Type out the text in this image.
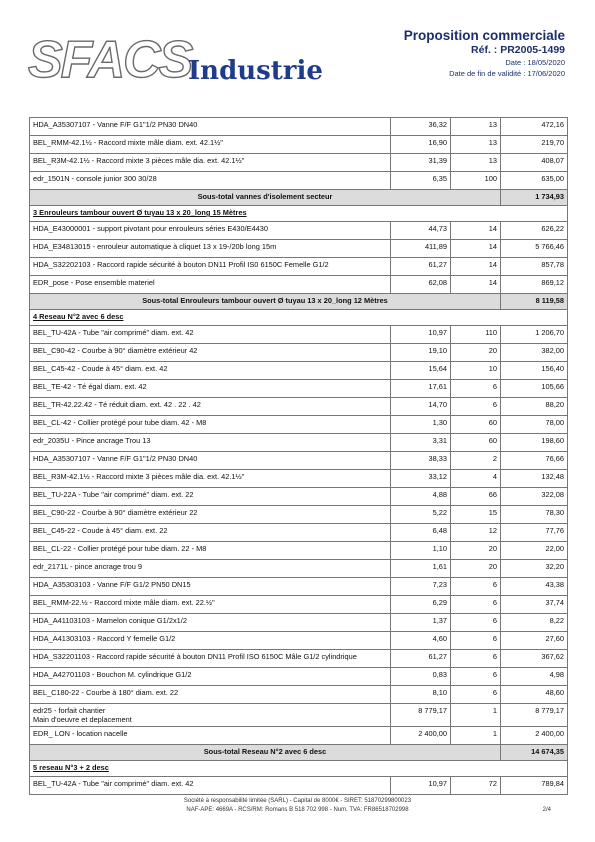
SFACS
Industrie
Proposition commerciale
Réf. : PR2005-1499
Date : 18/05/2020
Date de fin de validité : 17/06/2020
HDA_A35307107 - Vanne F/F G1"1/2 PN30 DN40	36,32	13	472,16
BEL_RMM-42.1½ - Raccord mixte mâle diam. ext. 42.1½"	16,90	13	219,70
BEL_R3M-42.1½ - Raccord mixte 3 pièces mâle dia. ext. 42.1½"	31,39	13	408,07
edr_1501N - console junior 300 30/28	6,35	100	635,00
Sous-total vannes d'isolement secteur			1 734,93
3 Enrouleurs tambour ouvert Ø tuyau 13 x 20_long 15 Mètres			
HDA_E43000001 - support pivotant pour enrouleurs séries E430/E4430	44,73	14	626,22
HDA_E34813015 - enrouleur automatique à cliquet 13 x 19-/20b long 15m	411,89	14	5 766,46
HDA_S32202103 - Raccord rapide sécurité à bouton DN11 Profil IS0 6150C Femelle G1/2	61,27	14	857,78
EDR_pose - Pose ensemble materiel	62,08	14	869,12
Sous-total Enrouleurs tambour ouvert Ø tuyau 13 x 20_long 12 Mètres			8 119,58
4 Reseau N°2 avec 6 desc			
BEL_TU-42A - Tube "air comprimé" diam. ext. 42	10,97	110	1 206,70
BEL_C90-42 - Courbe à 90° diamètre extérieur 42	19,10	20	382,00
BEL_C45-42 - Coude à 45° diam. ext. 42	15,64	10	156,40
BEL_TE-42 - Té égal diam. ext. 42	17,61	6	105,66
BEL_TR-42.22.42 - Té réduit diam. ext. 42 . 22 . 42	14,70	6	88,20
BEL_CL-42 - Collier protégé pour tube diam. 42 - M8	1,30	60	78,00
edr_2035U - Pince ancrage Trou 13	3,31	60	198,60
HDA_A35307107 - Vanne F/F G1"1/2 PN30 DN40	38,33	2	76,66
BEL_R3M-42.1½ - Raccord mixte 3 pièces mâle dia. ext. 42.1½"	33,12	4	132,48
BEL_TU-22A - Tube "air comprimé" diam. ext. 22	4,88	66	322,08
BEL_C90-22 - Courbe à 90° diamètre extérieur 22	5,22	15	78,30
BEL_C45-22 - Coude à 45° diam. ext. 22	6,48	12	77,76
BEL_CL-22 - Collier protégé pour tube diam. 22 - M8	1,10	20	22,00
edr_2171L - pince ancrage trou 9	1,61	20	32,20
HDA_A35303103 - Vanne F/F G1/2 PN50 DN15	7,23	6	43,38
BEL_RMM-22.½ - Raccord mixte mâle diam. ext. 22.½"	6,29	6	37,74
HDA_A41103103 - Mamelon conique G1/2x1/2	1,37	6	8,22
HDA_A41303103 - Raccord Y femelle G1/2	4,60	6	27,60
HDA_S32201103 - Raccord rapide sécurité à bouton DN11 Profil ISO 6150C Mâle G1/2 cylindrique	61,27	6	367,62
HDA_A42701103 - Bouchon M. cylindrique G1/2	0,83	6	4,98
BEL_C180-22 - Courbe à 180° diam. ext. 22	8,10	6	48,60
edr25 - forfait chantier
Main d'oeuvre et deplacement	8 779,17	1	8 779,17
EDR_ LON - location nacelle	2 400,00	1	2 400,00
Sous-total Reseau N°2 avec 6 desc			14 674,35
5 reseau N°3 + 2 desc			
BEL_TU-42A - Tube "air comprimé" diam. ext. 42	10,97	72	789,84
Société à responsabilité limitée (SARL) - Capital de 8000€ - SIRET: 51870299800023
NAF-APE: 4669A - RCS/RM: Romans B 518 702 998 - Num. TVA: FR86518702998	2/4
